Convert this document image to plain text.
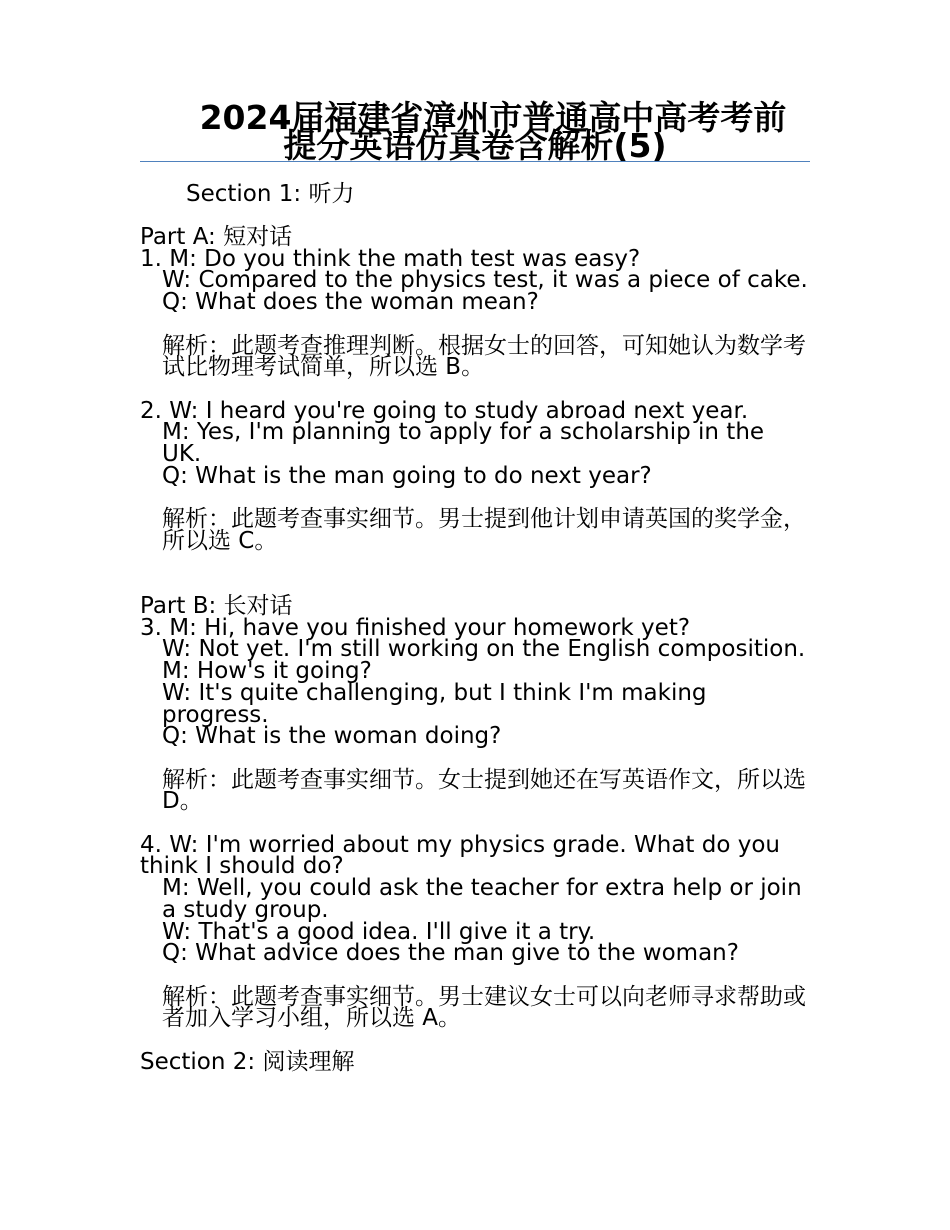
2024届福建省漳州市普通高中高考考前
提分英语仿真卷含解析(5)
Section 1: 听力
Part A: 短对话
1. M: Do you think the math test was easy?
W: Compared to the physics test, it was a piece of cake.
Q: What does the woman mean?
解析：此题考查推理判断。根据女士的回答，可知她认为数学考试比物理考试简单，所以选 B。
2. W: I heard you're going to study abroad next year.
M: Yes, I'm planning to apply for a scholarship in the UK.
Q: What is the man going to do next year?
解析：此题考查事实细节。男士提到他计划申请英国的奖学金，所以选 C。
Part B: 长对话
3. M: Hi, have you finished your homework yet?
W: Not yet. I'm still working on the English composition.
M: How's it going?
W: It's quite challenging, but I think I'm making progress.
Q: What is the woman doing?
解析：此题考查事实细节。女士提到她还在写英语作文，所以选 D。
4. W: I'm worried about my physics grade. What do you think I should do?
M: Well, you could ask the teacher for extra help or join a study group.
W: That's a good idea. I'll give it a try.
Q: What advice does the man give to the woman?
解析：此题考查事实细节。男士建议女士可以向老师寻求帮助或者加入学习小组，所以选 A。
Section 2: 阅读理解
